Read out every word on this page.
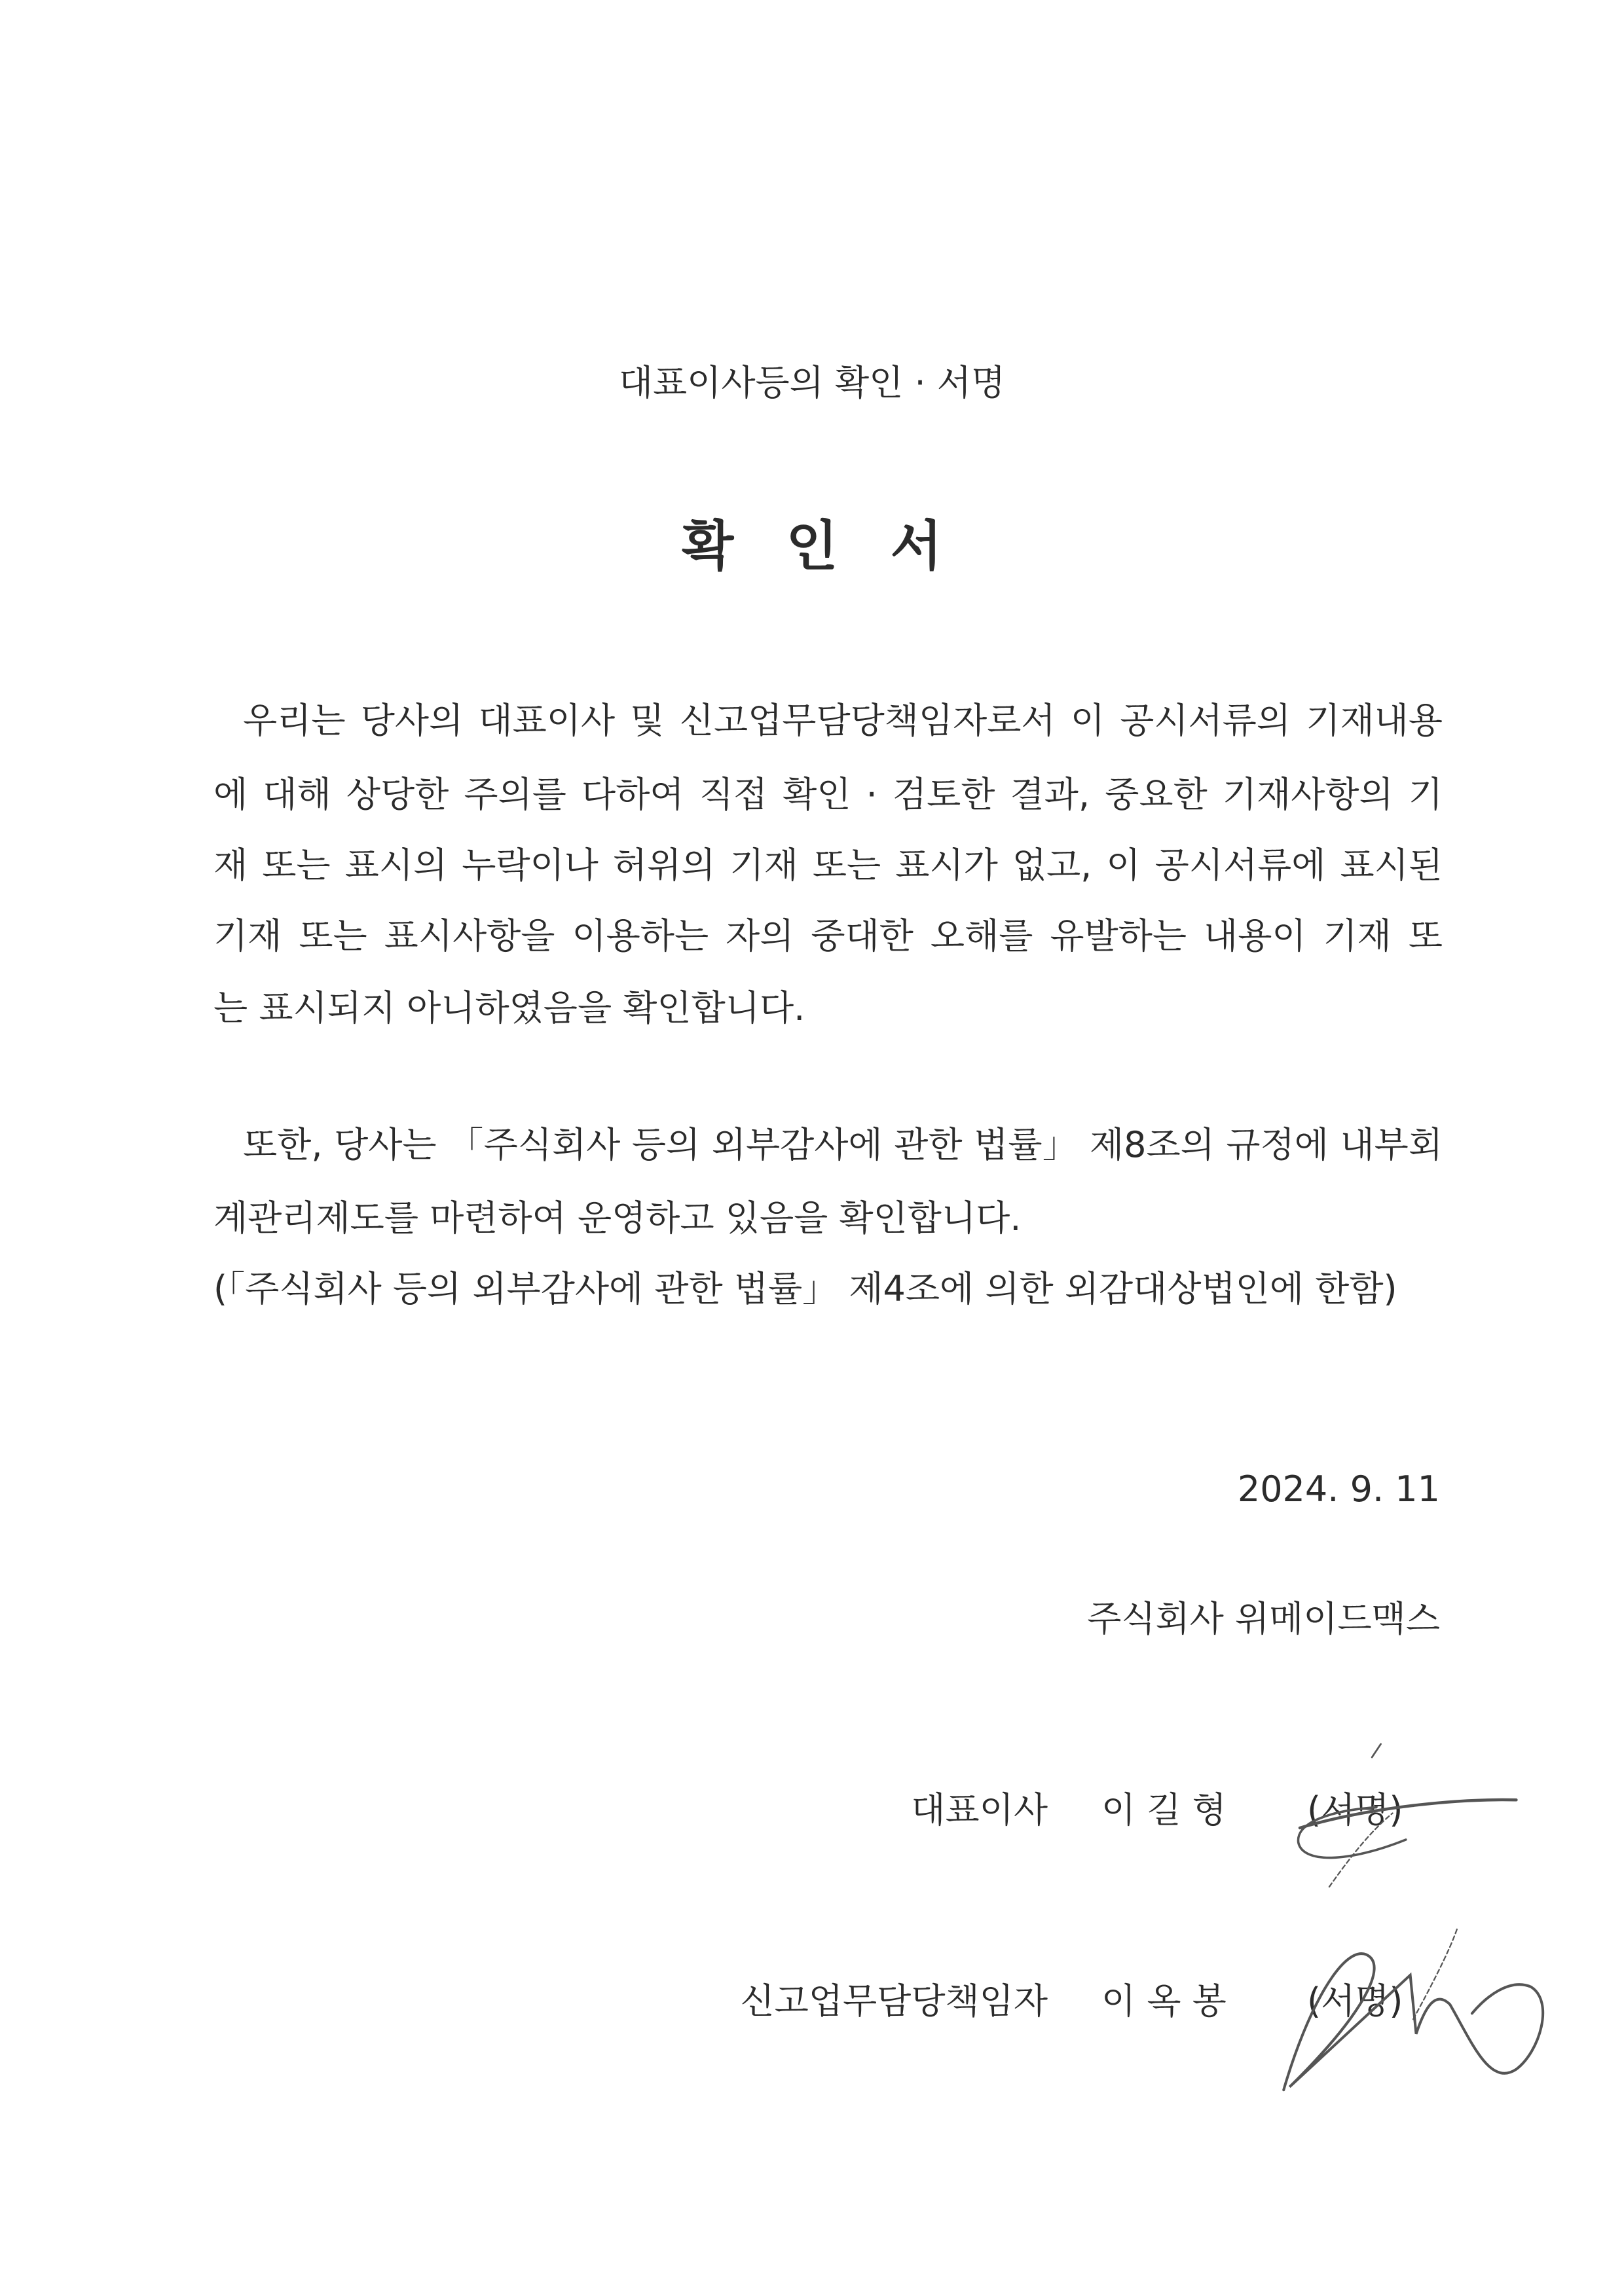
대표이사등의 확인 · 서명
확 인 서
우리는 당사의 대표이사 및 신고업무담당책임자로서 이 공시서류의 기재내용
에 대해 상당한 주의를 다하여 직접 확인 · 검토한 결과, 중요한 기재사항의 기
재 또는 표시의 누락이나 허위의 기재 또는 표시가 없고, 이 공시서류에 표시된
기재 또는 표시사항을 이용하는 자의 중대한 오해를 유발하는 내용이 기재 또
는 표시되지 아니하였음을 확인합니다.
또한, 당사는 「주식회사 등의 외부감사에 관한 법률」 제8조의 규정에 내부회
계관리제도를 마련하여 운영하고 있음을 확인합니다.
(「주식회사 등의 외부감사에 관한 법률」 제4조에 의한 외감대상법인에 한함)
2024. 9. 11
주식회사 위메이드맥스
대표이사 이 길 형 (서명)
신고업무담당책임자 이 옥 봉 (서명)
